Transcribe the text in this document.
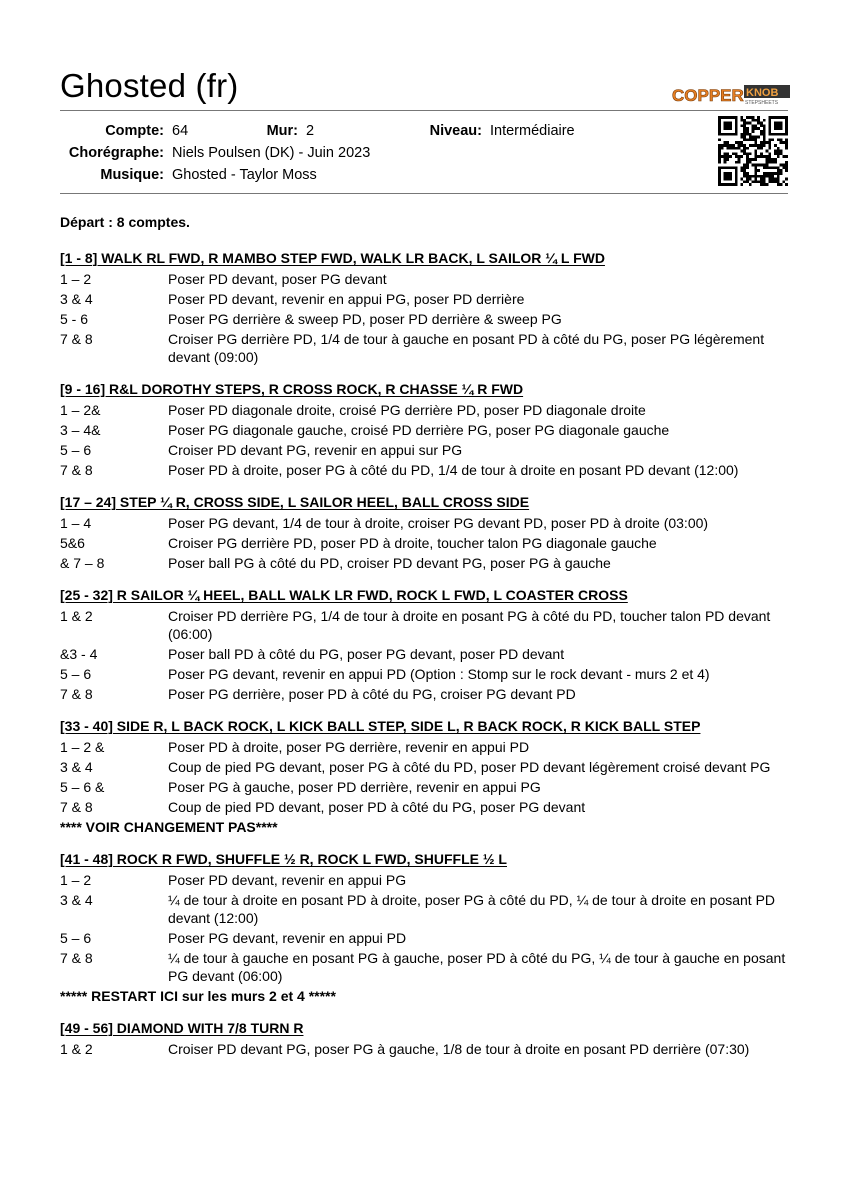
Ghosted (fr)	COPPER KNOB
STEPSHEETS
Compte: 64
Chorégraphe: Niels Poulsen (DK) - Juin 2023
Musique: Ghosted - Taylor Moss
Mur: 2	Niveau: Intermédiaire
Départ : 8 comptes.
[1 - 8] WALK RL FWD, R MAMBO STEP FWD, WALK LR BACK, L SAILOR ¼ L FWD
1 – 2	Poser PD devant, poser PG devant
3 & 4	Poser PD devant, revenir en appui PG, poser PD derrière
5 - 6	Poser PG derrière & sweep PD, poser PD derrière & sweep PG
7 & 8	Croiser PG derrière PD, 1/4 de tour à gauche en posant PD à côté du PG, poser PG légèrement devant (09:00)
[9 - 16] R&L DOROTHY STEPS, R CROSS ROCK, R CHASSE ¼ R FWD
1 – 2&	Poser PD diagonale droite, croisé PG derrière PD, poser PD diagonale droite
3 – 4&	Poser PG diagonale gauche, croisé PD derrière PG, poser PG diagonale gauche
5 – 6	Croiser PD devant PG, revenir en appui sur PG
7 & 8	Poser PD à droite, poser PG à côté du PD, 1/4 de tour à droite en posant PD devant (12:00)
[17 – 24] STEP ¼ R, CROSS SIDE, L SAILOR HEEL, BALL CROSS SIDE
1 – 4	Poser PG devant, 1/4 de tour à droite, croiser PG devant PD, poser PD à droite (03:00)
5&6	Croiser PG derrière PD, poser PD à droite, toucher talon PG diagonale gauche
& 7 – 8	Poser ball PG à côté du PD, croiser PD devant PG, poser PG à gauche
[25 - 32] R SAILOR ¼ HEEL, BALL WALK LR FWD, ROCK L FWD, L COASTER CROSS
1 & 2	Croiser PD derrière PG, 1/4 de tour à droite en posant PG à côté du PD, toucher talon PD devant (06:00)
&3 - 4	Poser ball PD à côté du PG, poser PG devant, poser PD devant
5 – 6	Poser PG devant, revenir en appui PD (Option : Stomp sur le rock devant - murs 2 et 4)
7 & 8	Poser PG derrière, poser PD à côté du PG, croiser PG devant PD
[33 - 40] SIDE R, L BACK ROCK, L KICK BALL STEP, SIDE L, R BACK ROCK, R KICK BALL STEP
1 – 2 &	Poser PD à droite, poser PG derrière, revenir en appui PD
3 & 4	Coup de pied PG devant, poser PG à côté du PD, poser PD devant légèrement croisé devant PG
5 – 6 &	Poser PG à gauche, poser PD derrière, revenir en appui PG
7 & 8	Coup de pied PD devant, poser PD à côté du PG, poser PG devant
**** VOIR CHANGEMENT PAS****
[41 - 48] ROCK R FWD, SHUFFLE ½ R, ROCK L FWD, SHUFFLE ½ L
1 – 2	Poser PD devant, revenir en appui PG
3 & 4	¼ de tour à droite en posant PD à droite, poser PG à côté du PD, ¼ de tour à droite en posant PD devant (12:00)
5 – 6	Poser PG devant, revenir en appui PD
7 & 8	¼ de tour à gauche en posant PG à gauche, poser PD à côté du PG, ¼ de tour à gauche en posant PG devant (06:00)
***** RESTART ICI sur les murs 2 et 4 *****
[49 - 56] DIAMOND WITH 7/8 TURN R
1 & 2	Croiser PD devant PG, poser PG à gauche, 1/8 de tour à droite en posant PD derrière (07:30)
